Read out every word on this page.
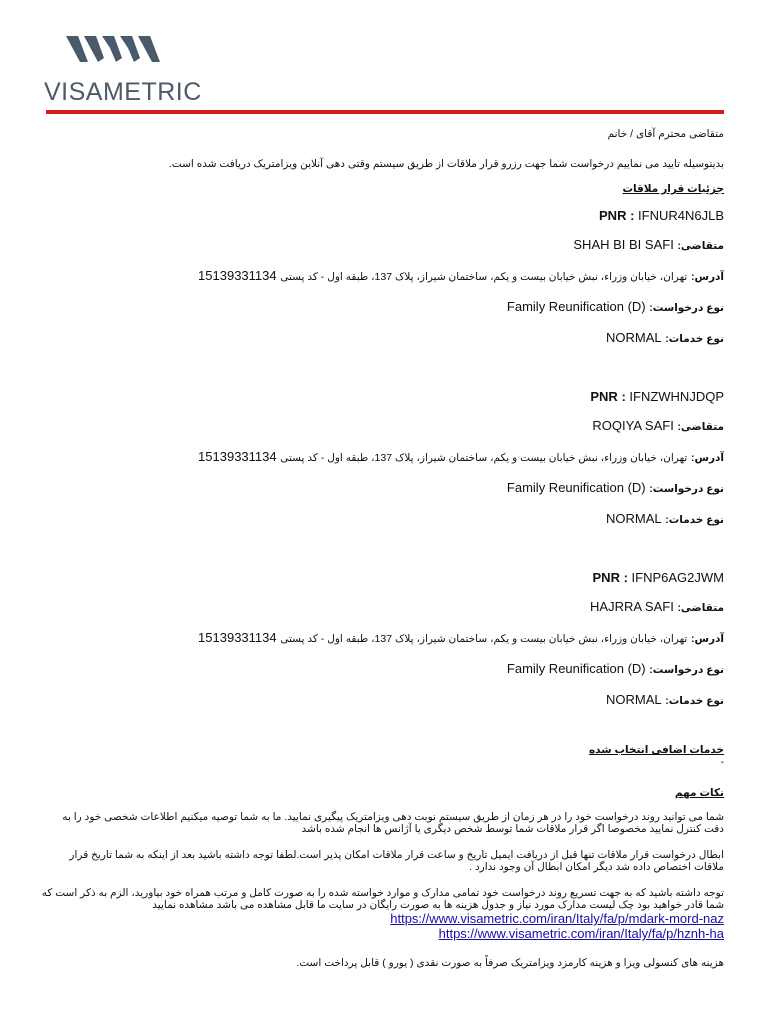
VISAMETRIC
متقاضی محترم آقای / خانم
بدینوسیله تایید می نماییم درخواست شما جهت رزرو قرار ملاقات از طریق سیستم وقتی دهی آنلاین ویزامتریک دریافت شده است.
جزئیات قرار ملاقات
PNR : IFNUR4N6JLB
متقاضی: SHAH BI BI SAFI
آدرس: تهران، خیابان وزراء، نبش خیابان بیست و یکم، ساختمان شیراز، پلاک 137، طبقه اول - کد پستی 15139331134
نوع درخواست: Family Reunification (D)
نوع خدمات: NORMAL
PNR : IFNZWHNJDQP
متقاضی: ROQIYA SAFI
آدرس: تهران، خیابان وزراء، نبش خیابان بیست و یکم، ساختمان شیراز، پلاک 137، طبقه اول - کد پستی 15139331134
نوع درخواست: Family Reunification (D)
نوع خدمات: NORMAL
PNR : IFNP6AG2JWM
متقاضی: HAJRRA SAFI
آدرس: تهران، خیابان وزراء، نبش خیابان بیست و یکم، ساختمان شیراز، پلاک 137، طبقه اول - کد پستی 15139331134
نوع درخواست: Family Reunification (D)
نوع خدمات: NORMAL
خدمات اضافی انتخاب شده
-
نکات مهم
شما می توانید روند درخواست خود را در هر زمان از طریق سیستم نوبت دهی ویزامتریک پیگیری نمایید. ما به شما توصیه میکنیم اطلاعات شخصی خود را به دقت کنترل نمایید مخصوصا اگر قرار ملاقات شما توسط شخص دیگری یا آژانس ها انجام شده باشد
ابطال درخواست قرار ملاقات تنها قبل از دریافت ایمیل تاریخ و ساعت قرار ملاقات امکان پذیر است.لطفا توجه داشته باشید بعد از اینکه به شما تاریخ قرار ملاقات اختصاص داده شد دیگر امکان ابطال آن وجود ندارد .
توجه داشته باشید که به جهت تسریع روند درخواست خود تمامی مدارک و موارد خواسته شده را به صورت کامل و مرتب همراه خود بیاورید، الزم به ذکر است که شما قادر خواهید بود چک لیست مدارک مورد نیاز و جدول هزینه ها به صورت رایگان در سایت ما قابل مشاهده می باشد مشاهده نمایید
https://www.visametric.com/iran/Italy/fa/p/mdark-mord-naz
https://www.visametric.com/iran/Italy/fa/p/hznh-ha
هزینه های کنسولی ویزا و هزینه کارمزد ویزامتریک صرفاً به صورت نقدی ( یورو ) قابل پرداخت است.
